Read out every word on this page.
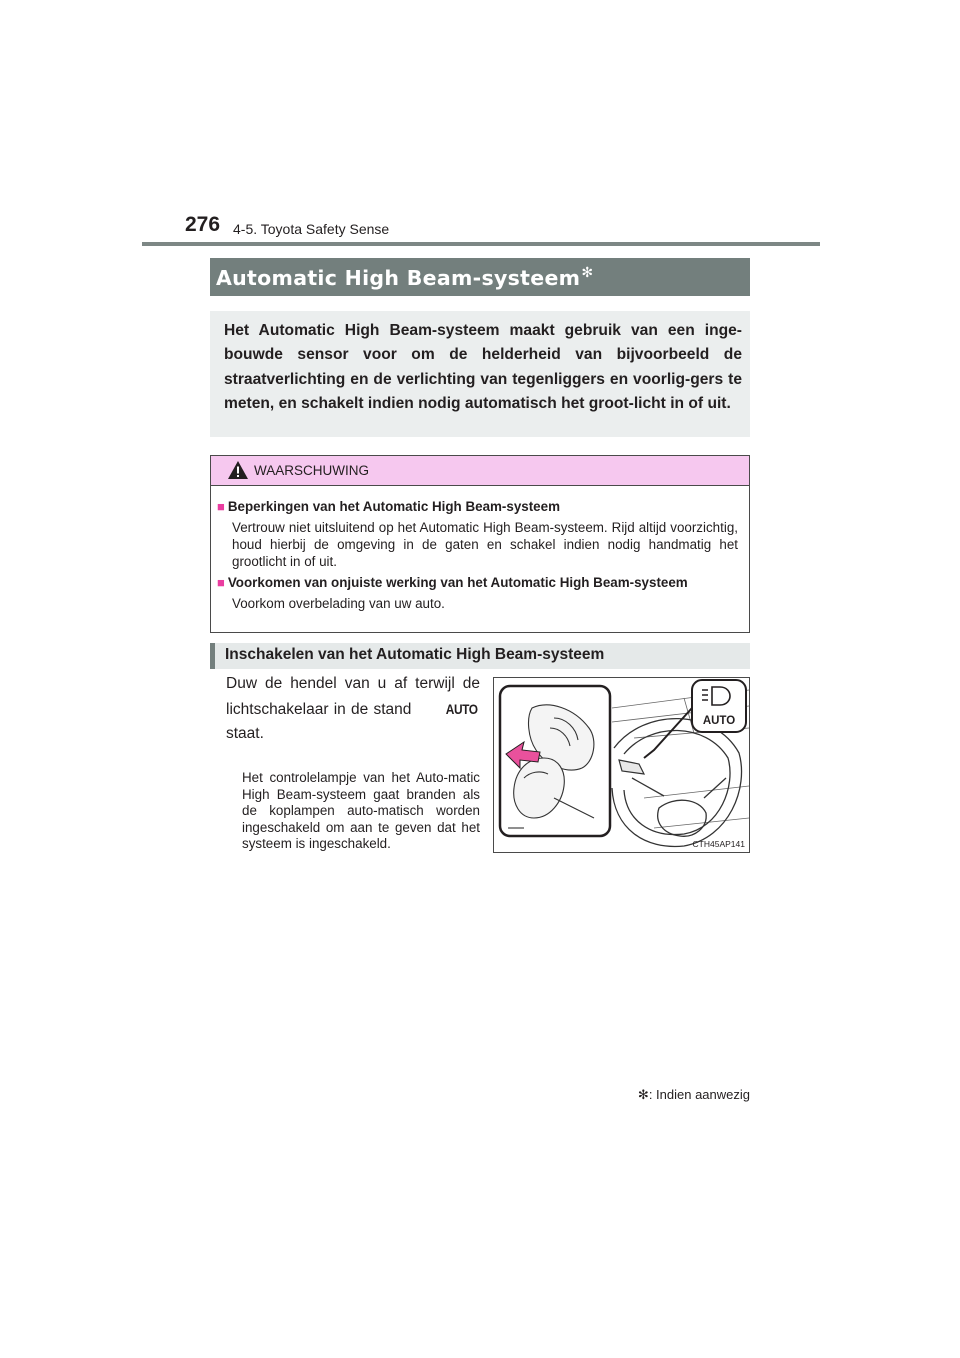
276 4-5. Toyota Safety Sense
Automatic High Beam-systeem✻

Het Automatic High Beam-systeem maakt gebruik van een inge-bouwde sensor voor om de helderheid van bijvoorbeeld de straatverlichting en de verlichting van tegenliggers en voorlig-gers te meten, en schakelt indien nodig automatisch het groot-licht in of uit.

WAARSCHUWING
■ Beperkingen van het Automatic High Beam-systeem

Vertrouw niet uitsluitend op het Automatic High Beam-systeem. Rijd altijd voorzichtig, houd hierbij de omgeving in de gaten en schakel indien nodig handmatig het grootlicht in of uit.

■ Voorkomen van onjuiste werking van het Automatic High Beam-systeem

Voorkom overbelading van uw auto.

Inschakelen van het Automatic High Beam-systeem

Duw de hendel van u af terwijl de lichtschakelaar in de stand AUTO staat.

Het controlelampje van het Auto-matic High Beam-systeem gaat branden als de koplampen auto-matisch worden ingeschakeld om aan te geven dat het systeem is ingeschakeld.

AUTO
CTH45AP141
✻: Indien aanwezig
